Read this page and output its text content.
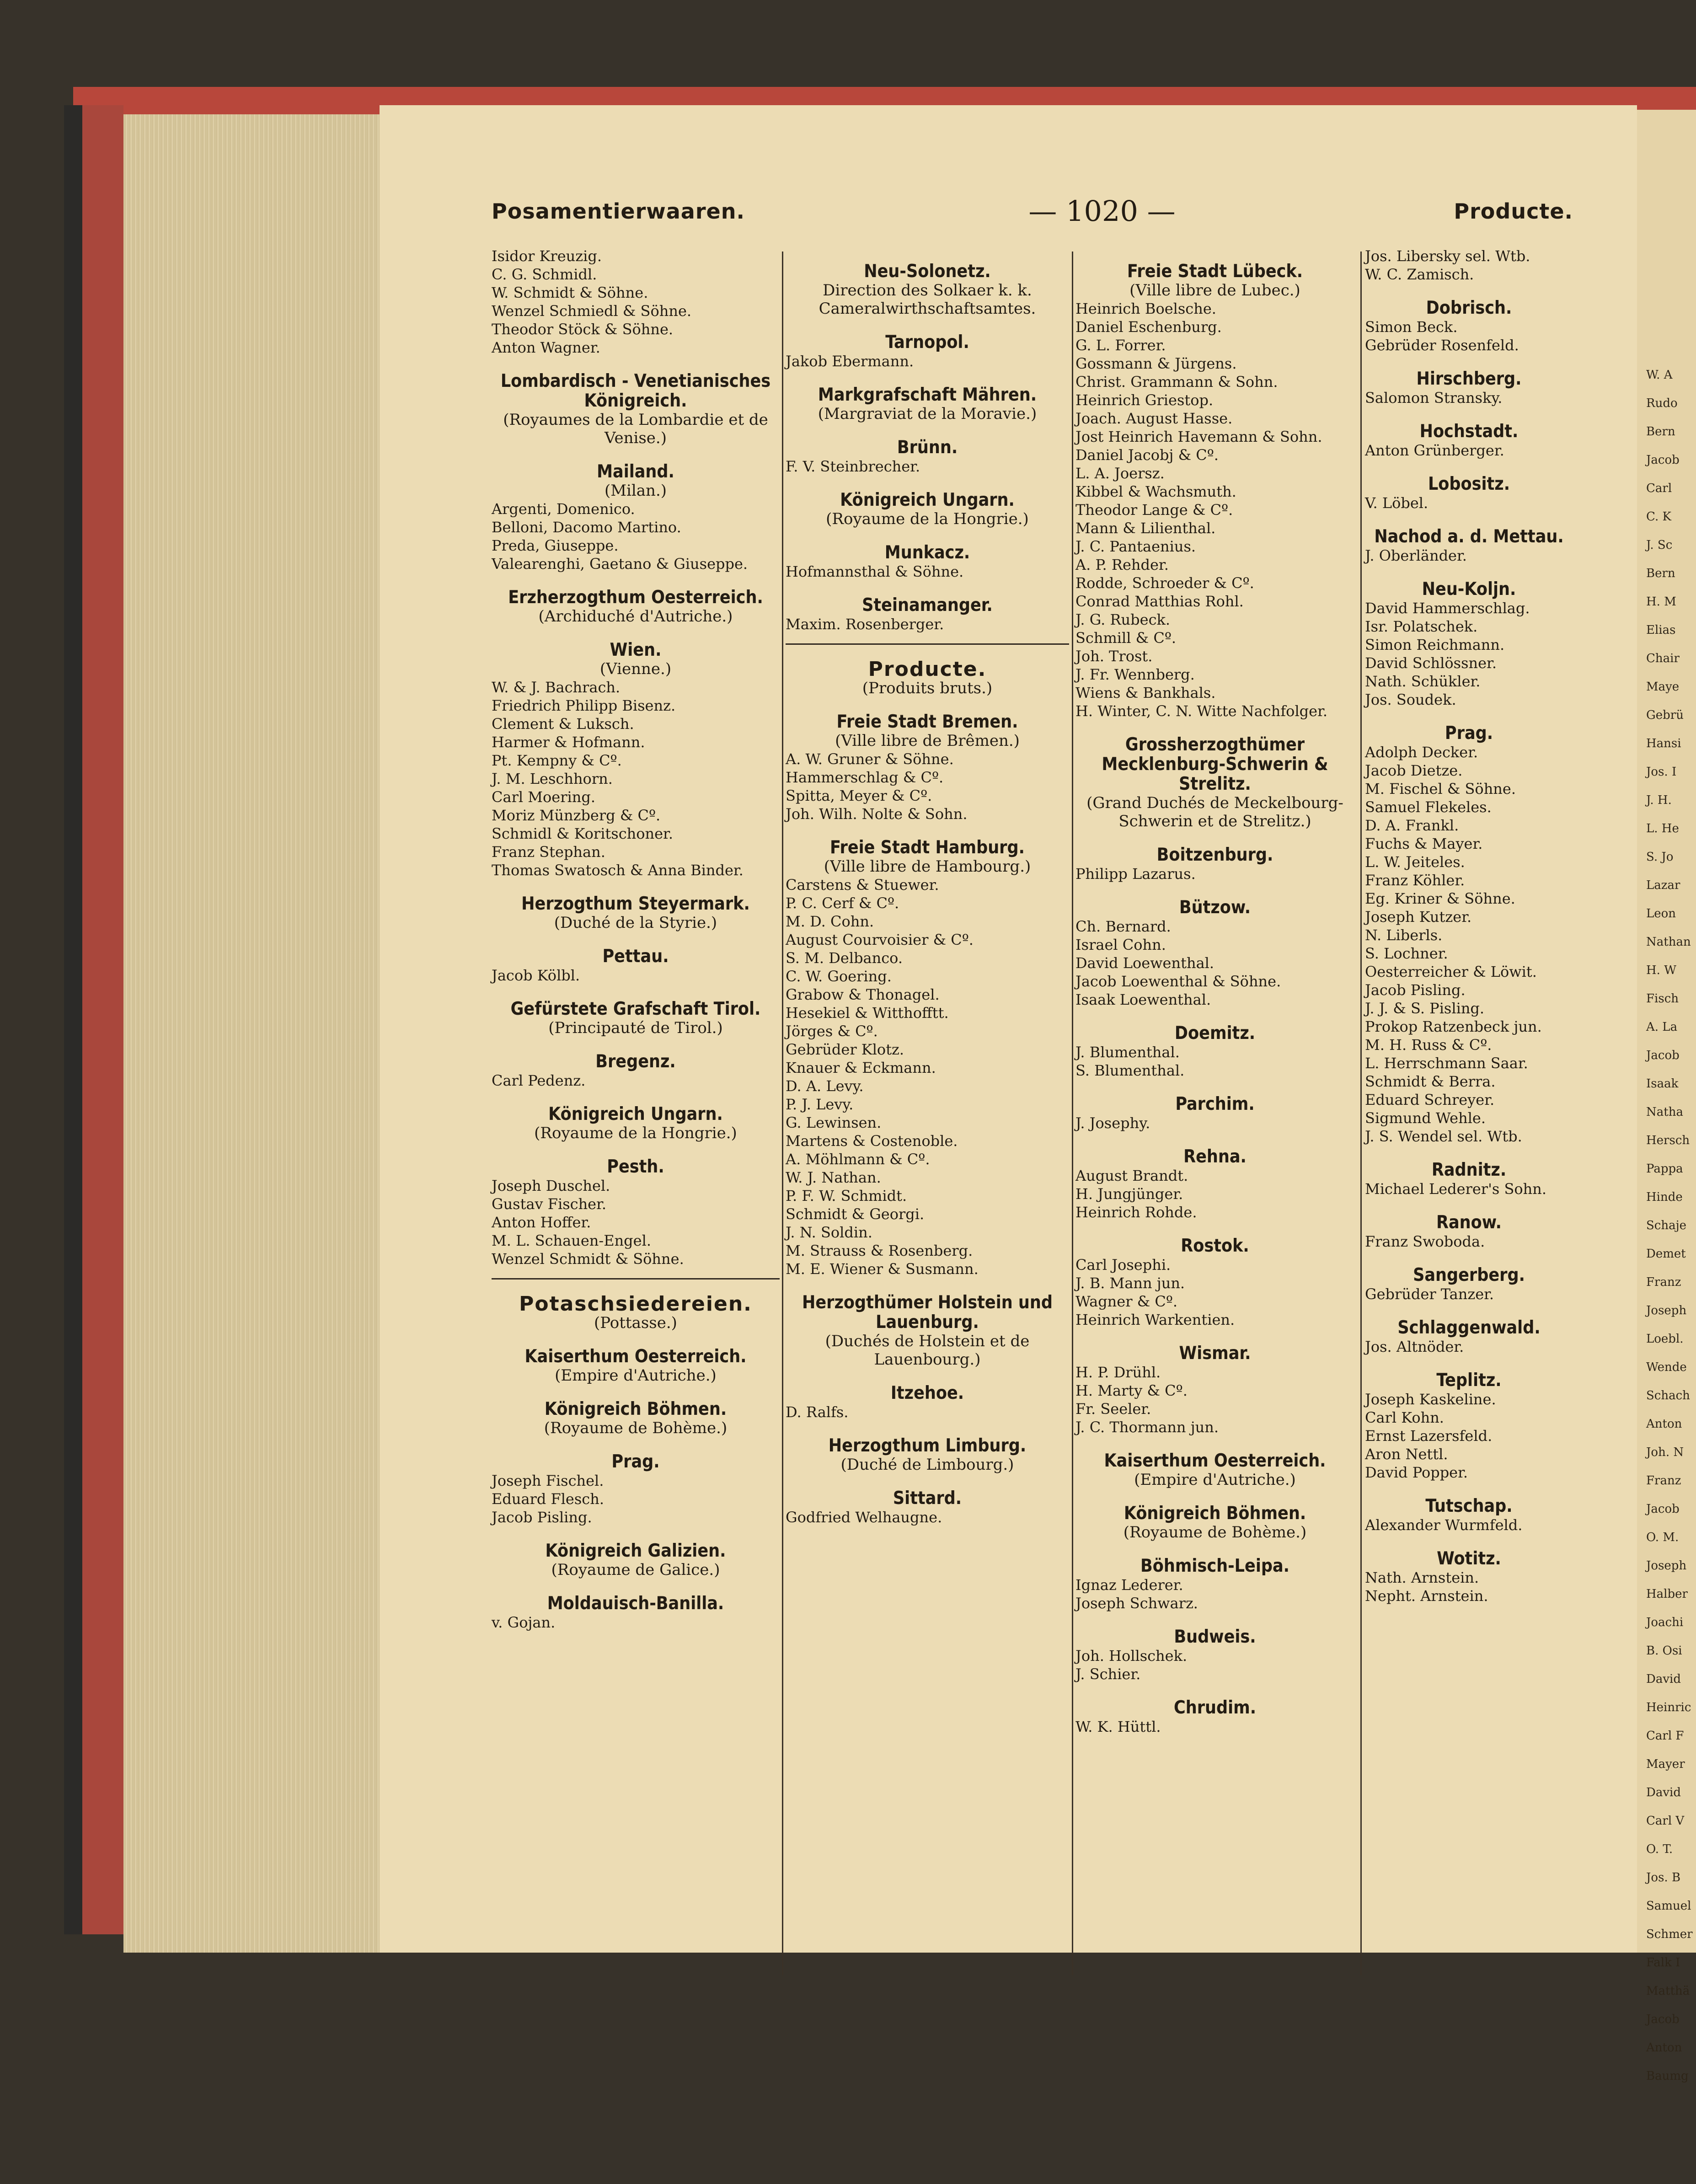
W. A
Rudo
Bern
Jacob
Carl
C. K
J. Sc
Bern
H. M
Elias
Chair
Maye
Gebrü
Hansi
Jos. I
J. H.
L. He
S. Jo
Lazar
Leon
Nathan
H. W
Fisch
A. La
Jacob
Isaak
Natha
Hersch
Pappa
Hinde
Schaje
Demet
Franz
Joseph
Loebl.
Wende
Schach
Anton
Joh. N
Franz
Jacob
O. M.
Joseph
Halber
Joachi
B. Osi
David
Heinric
Carl F
Mayer
David
Carl V
O. T.
Jos. B
Samuel
Schmer
Falk I
Matthä
Jacob
Anton
Baumg
Posamentierwaaren.	— 1020 —	Producte.
Isidor Kreuzig.
C. G. Schmidl.
W. Schmidt & Söhne.
Wenzel Schmiedl & Söhne.
Theodor Stöck & Söhne.
Anton Wagner.
Lombardisch - Venetianisches Königreich.
(Royaumes de la Lombardie et de Venise.)
Mailand.
(Milan.)
Argenti, Domenico.
Belloni, Dacomo Martino.
Preda, Giuseppe.
Valearenghi, Gaetano & Giuseppe.
Erzherzogthum Oesterreich.
(Archiduché d'Autriche.)
Wien.
(Vienne.)
W. & J. Bachrach.
Friedrich Philipp Bisenz.
Clement & Luksch.
Harmer & Hofmann.
Pt. Kempny & Cº.
J. M. Leschhorn.
Carl Moering.
Moriz Münzberg & Cº.
Schmidl & Koritschoner.
Franz Stephan.
Thomas Swatosch & Anna Binder.
Herzogthum Steyermark.
(Duché de la Styrie.)
Pettau.
Jacob Kölbl.
Gefürstete Grafschaft Tirol.
(Principauté de Tirol.)
Bregenz.
Carl Pedenz.
Königreich Ungarn.
(Royaume de la Hongrie.)
Pesth.
Joseph Duschel.
Gustav Fischer.
Anton Hoffer.
M. L. Schauen-Engel.
Wenzel Schmidt & Söhne.
Potaschsiedereien.
(Pottasse.)
Kaiserthum Oesterreich.
(Empire d'Autriche.)
Königreich Böhmen.
(Royaume de Bohème.)
Prag.
Joseph Fischel.
Eduard Flesch.
Jacob Pisling.
Königreich Galizien.
(Royaume de Galice.)
Moldauisch-Banilla.
v. Gojan.
Neu-Solonetz.
Direction des Solkaer k. k. Cameralwirthschaftsamtes.
Tarnopol.
Jakob Ebermann.
Markgrafschaft Mähren.
(Margraviat de la Moravie.)
Brünn.
F. V. Steinbrecher.
Königreich Ungarn.
(Royaume de la Hongrie.)
Munkacz.
Hofmannsthal & Söhne.
Steinamanger.
Maxim. Rosenberger.
Producte.
(Produits bruts.)
Freie Stadt Bremen.
(Ville libre de Brêmen.)
A. W. Gruner & Söhne.
Hammerschlag & Cº.
Spitta, Meyer & Cº.
Joh. Wilh. Nolte & Sohn.
Freie Stadt Hamburg.
(Ville libre de Hambourg.)
Carstens & Stuewer.
P. C. Cerf & Cº.
M. D. Cohn.
August Courvoisier & Cº.
S. M. Delbanco.
C. W. Goering.
Grabow & Thonagel.
Hesekiel & Witthofftt.
Jörges & Cº.
Gebrüder Klotz.
Knauer & Eckmann.
D. A. Levy.
P. J. Levy.
G. Lewinsen.
Martens & Costenoble.
A. Möhlmann & Cº.
W. J. Nathan.
P. F. W. Schmidt.
Schmidt & Georgi.
J. N. Soldin.
M. Strauss & Rosenberg.
M. E. Wiener & Susmann.
Herzogthümer Holstein und Lauenburg.
(Duchés de Holstein et de Lauenbourg.)
Itzehoe.
D. Ralfs.
Herzogthum Limburg.
(Duché de Limbourg.)
Sittard.
Godfried Welhaugne.
Freie Stadt Lübeck.
(Ville libre de Lubec.)
Heinrich Boelsche.
Daniel Eschenburg.
G. L. Forrer.
Gossmann & Jürgens.
Christ. Grammann & Sohn.
Heinrich Griestop.
Joach. August Hasse.
Jost Heinrich Havemann & Sohn.
Daniel Jacobj & Cº.
L. A. Joersz.
Kibbel & Wachsmuth.
Theodor Lange & Cº.
Mann & Lilienthal.
J. C. Pantaenius.
A. P. Rehder.
Rodde, Schroeder & Cº.
Conrad Matthias Rohl.
J. G. Rubeck.
Schmill & Cº.
Joh. Trost.
J. Fr. Wennberg.
Wiens & Bankhals.
H. Winter, C. N. Witte Nachfolger.
Grossherzogthümer Mecklenburg-Schwerin & Strelitz.
(Grand Duchés de Meckelbourg-Schwerin et de Strelitz.)
Boitzenburg.
Philipp Lazarus.
Bützow.
Ch. Bernard.
Israel Cohn.
David Loewenthal.
Jacob Loewenthal & Söhne.
Isaak Loewenthal.
Doemitz.
J. Blumenthal.
S. Blumenthal.
Parchim.
J. Josephy.
Rehna.
August Brandt.
H. Jungjünger.
Heinrich Rohde.
Rostok.
Carl Josephi.
J. B. Mann jun.
Wagner & Cº.
Heinrich Warkentien.
Wismar.
H. P. Drühl.
H. Marty & Cº.
Fr. Seeler.
J. C. Thormann jun.
Kaiserthum Oesterreich.
(Empire d'Autriche.)
Königreich Böhmen.
(Royaume de Bohème.)
Böhmisch-Leipa.
Ignaz Lederer.
Joseph Schwarz.
Budweis.
Joh. Hollschek.
J. Schier.
Chrudim.
W. K. Hüttl.
Jos. Libersky sel. Wtb.
W. C. Zamisch.
Dobrisch.
Simon Beck.
Gebrüder Rosenfeld.
Hirschberg.
Salomon Stransky.
Hochstadt.
Anton Grünberger.
Lobositz.
V. Löbel.
Nachod a. d. Mettau.
J. Oberländer.
Neu-Koljn.
David Hammerschlag.
Isr. Polatschek.
Simon Reichmann.
David Schlössner.
Nath. Schükler.
Jos. Soudek.
Prag.
Adolph Decker.
Jacob Dietze.
M. Fischel & Söhne.
Samuel Flekeles.
D. A. Frankl.
Fuchs & Mayer.
L. W. Jeiteles.
Franz Köhler.
Eg. Kriner & Söhne.
Joseph Kutzer.
N. Liberls.
S. Lochner.
Oesterreicher & Löwit.
Jacob Pisling.
J. J. & S. Pisling.
Prokop Ratzenbeck jun.
M. H. Russ & Cº.
L. Herrschmann Saar.
Schmidt & Berra.
Eduard Schreyer.
Sigmund Wehle.
J. S. Wendel sel. Wtb.
Radnitz.
Michael Lederer's Sohn.
Ranow.
Franz Swoboda.
Sangerberg.
Gebrüder Tanzer.
Schlaggenwald.
Jos. Altnöder.
Teplitz.
Joseph Kaskeline.
Carl Kohn.
Ernst Lazersfeld.
Aron Nettl.
David Popper.
Tutschap.
Alexander Wurmfeld.
Wotitz.
Nath. Arnstein.
Nepht. Arnstein.
